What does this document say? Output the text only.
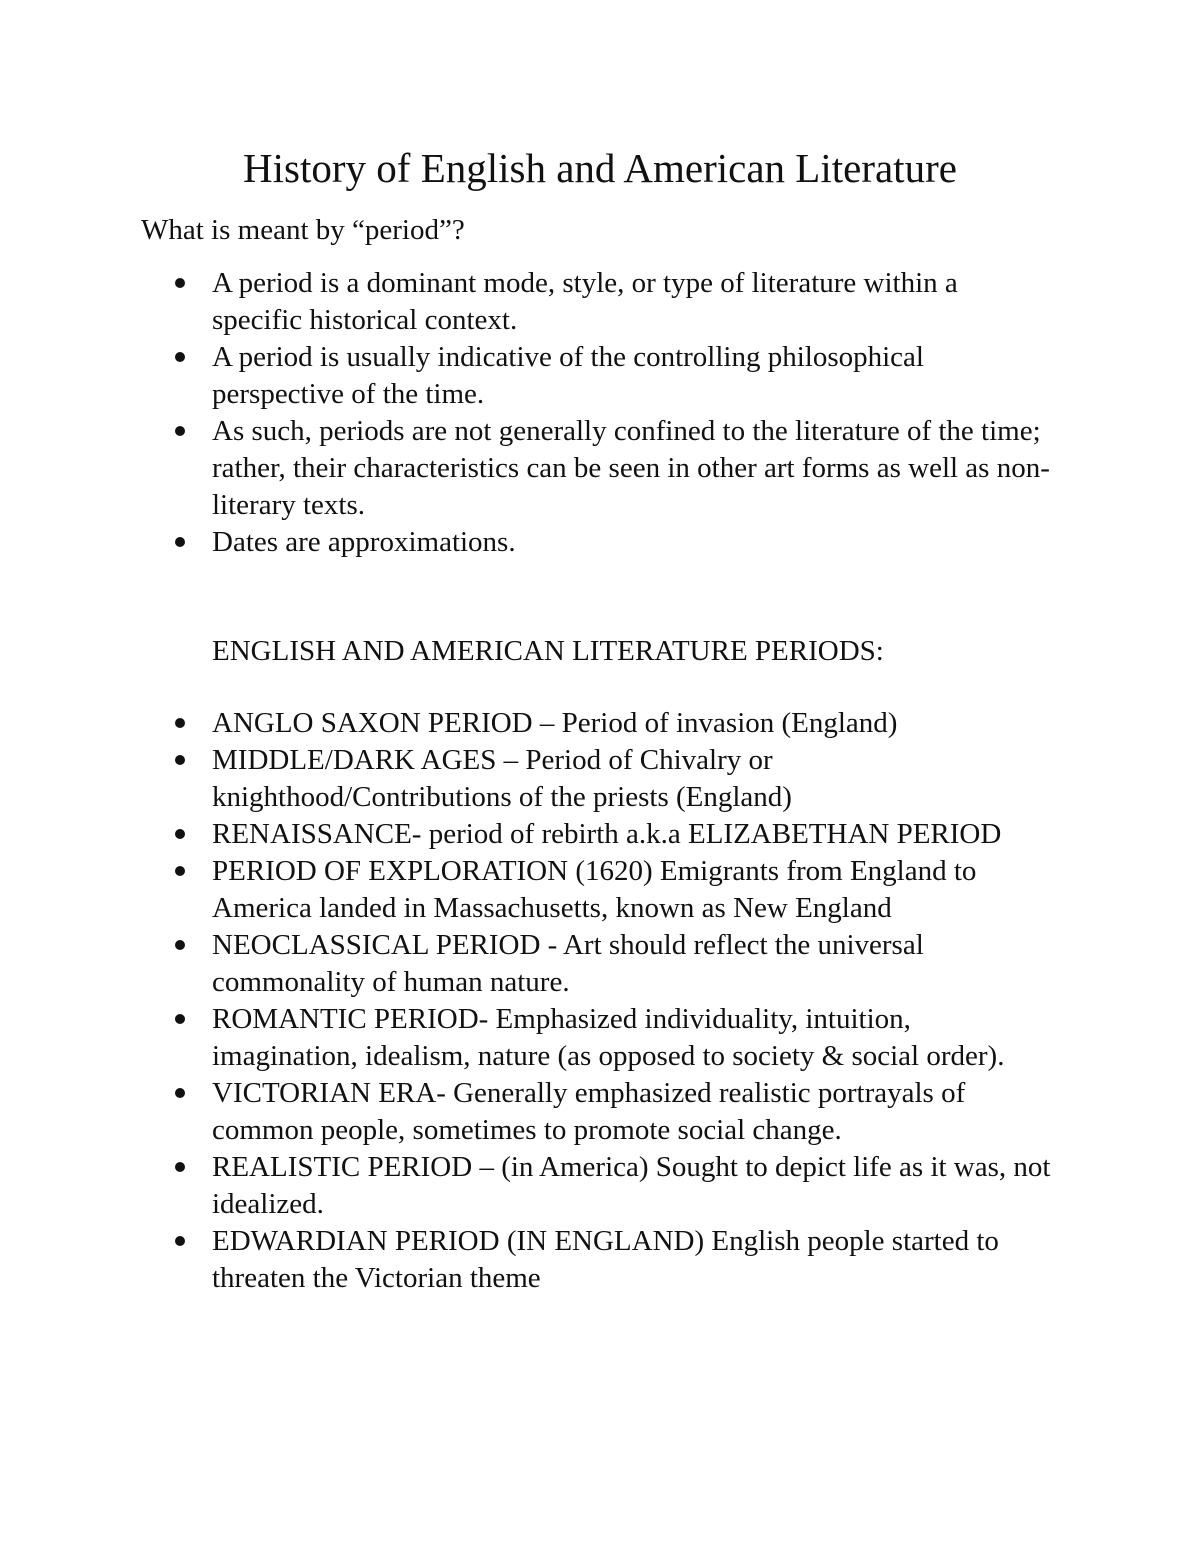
History of English and American Literature

What is meant by “period”?

A period is a dominant mode, style, or type of literature within a specific historical context.
A period is usually indicative of the controlling philosophical perspective of the time.
As such, periods are not generally confined to the literature of the time; rather, their characteristics can be seen in other art forms as well as non-literary texts.
Dates are approximations.
ENGLISH AND AMERICAN LITERATURE PERIODS:
ANGLO SAXON PERIOD – Period of invasion (England)
MIDDLE/DARK AGES – Period of Chivalry or knighthood/Contributions of the priests (England)
RENAISSANCE- period of rebirth a.k.a ELIZABETHAN PERIOD
PERIOD OF EXPLORATION (1620) Emigrants from England to America landed in Massachusetts, known as New England
NEOCLASSICAL PERIOD - Art should reflect the universal commonality of human nature.
ROMANTIC PERIOD- Emphasized individuality, intuition, imagination, idealism, nature (as opposed to society & social order).
VICTORIAN ERA- Generally emphasized realistic portrayals of common people, sometimes to promote social change.
REALISTIC PERIOD – (in America) Sought to depict life as it was, not idealized.
EDWARDIAN PERIOD (IN ENGLAND) English people started to threaten the Victorian theme
